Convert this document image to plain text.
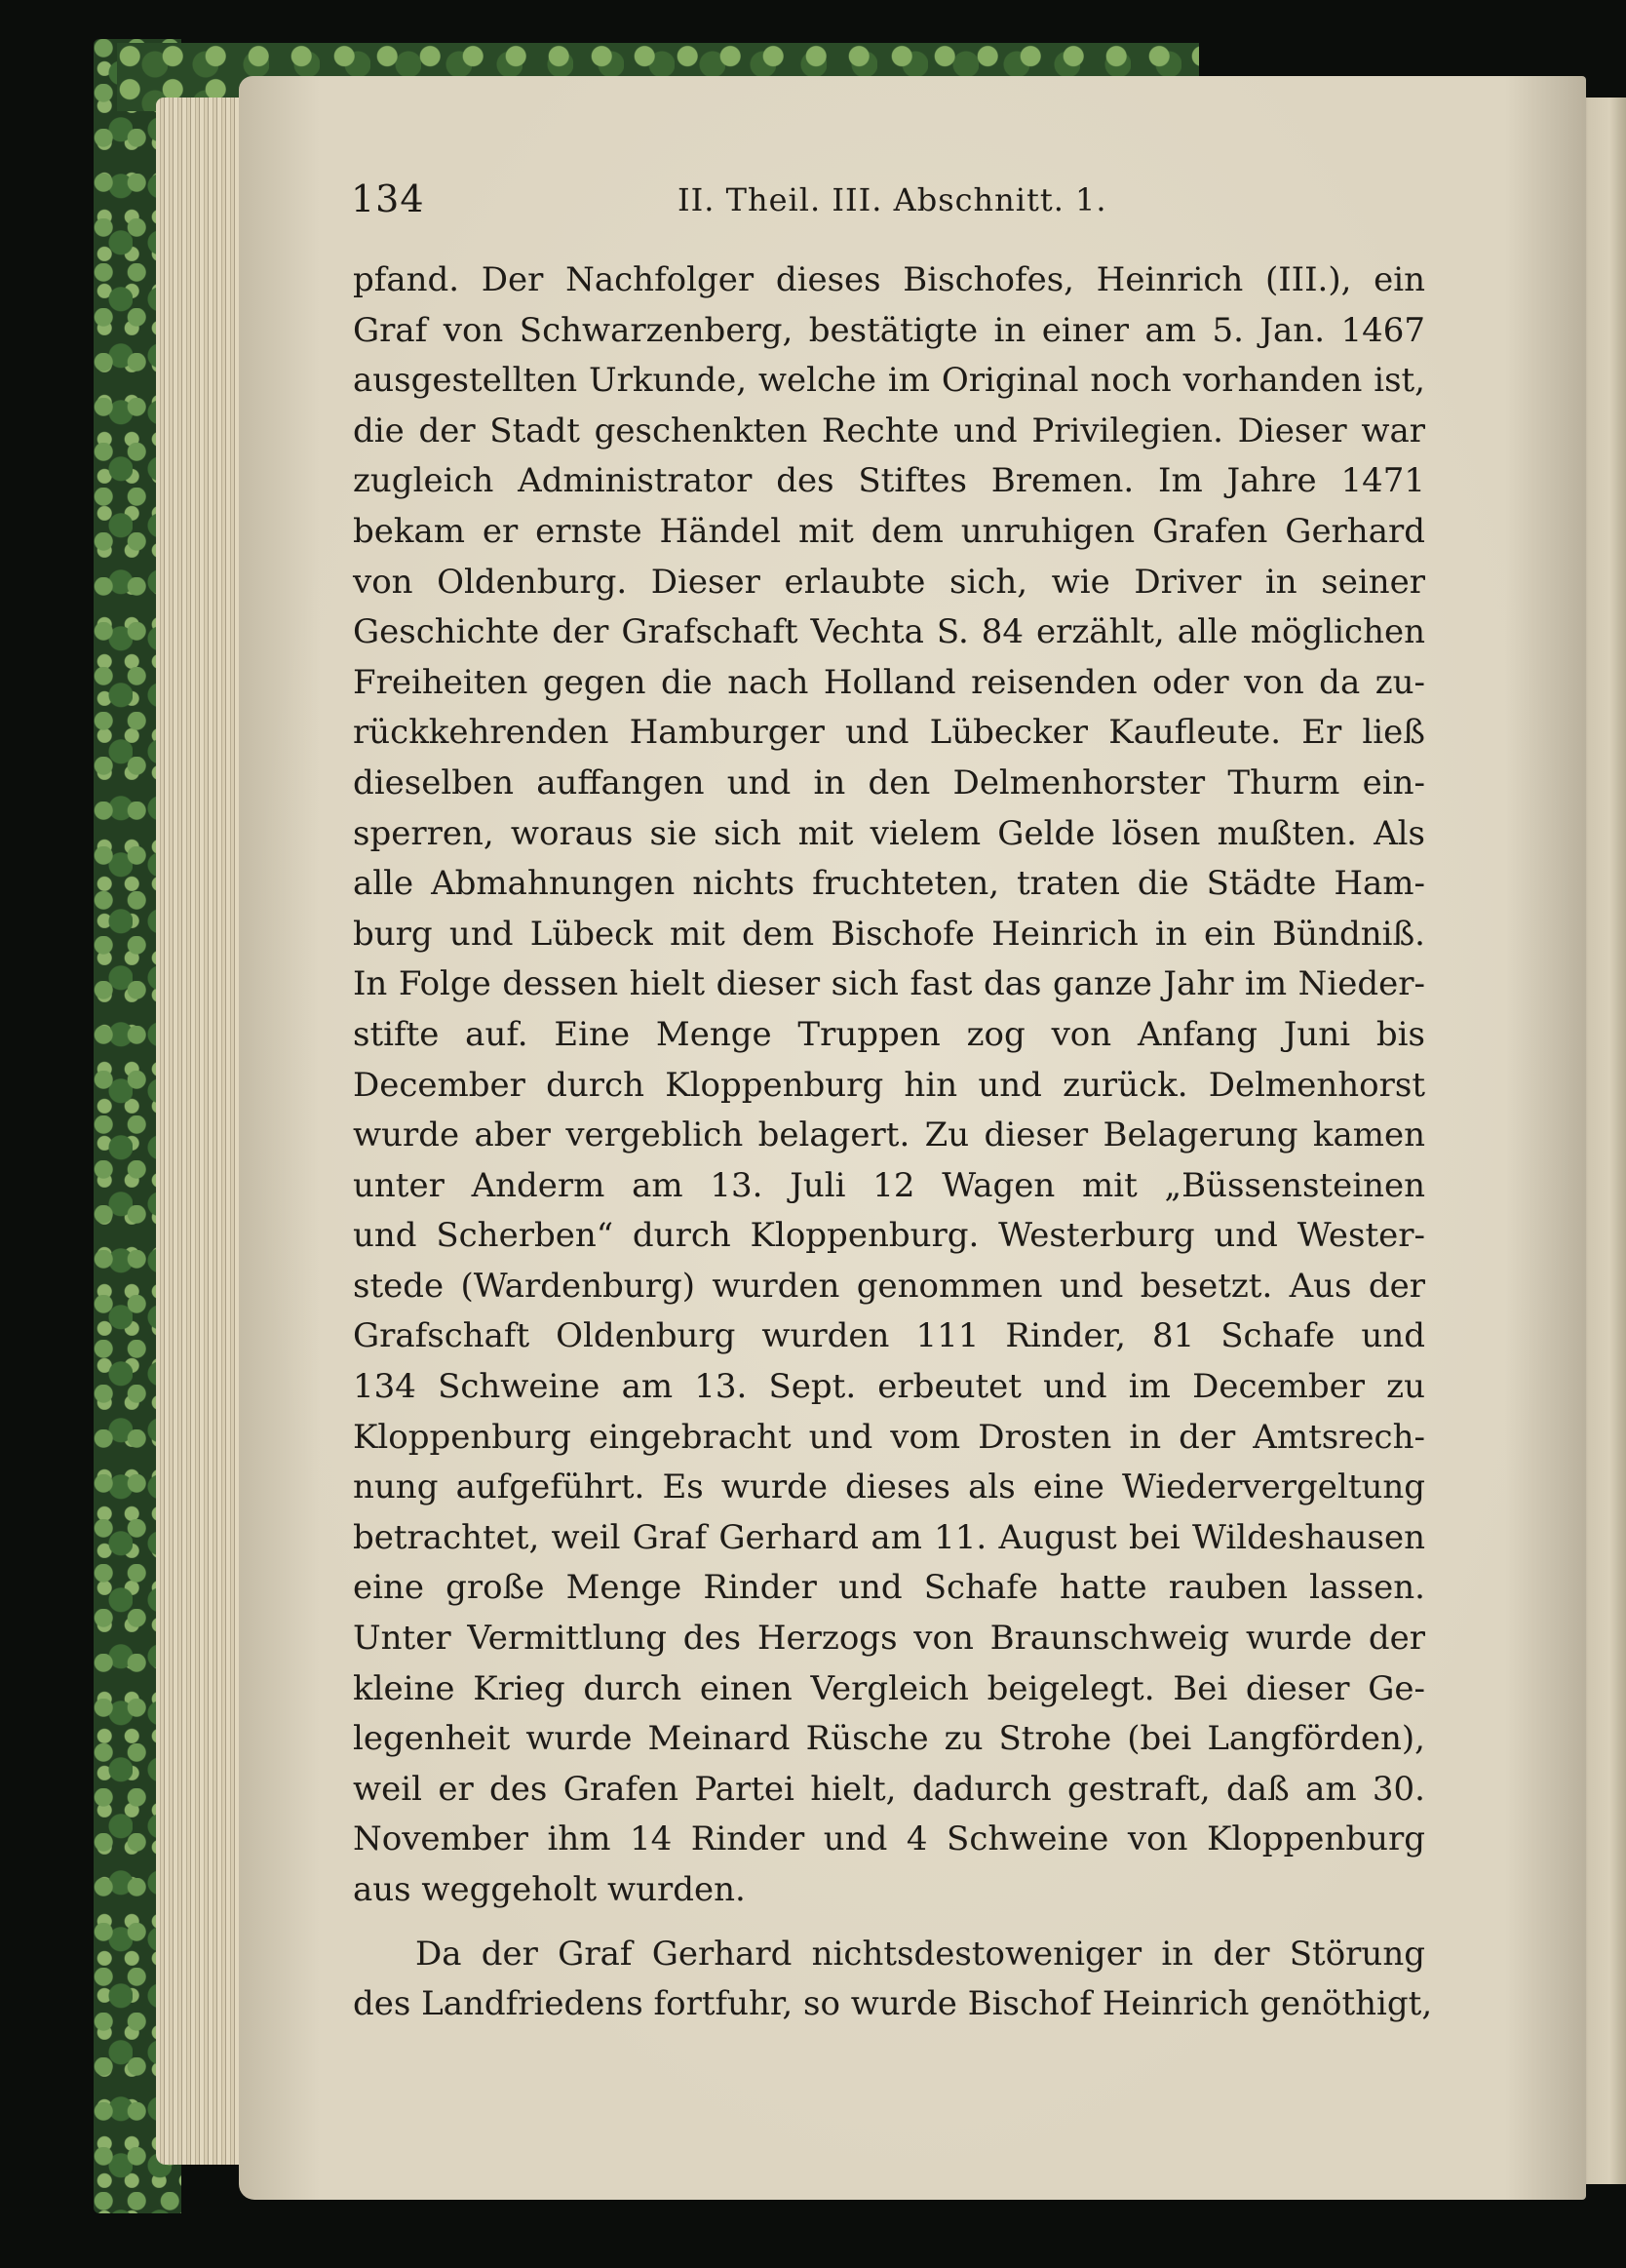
134	II. Theil. III. Abschnitt. 1.
pfand. Der Nachfolger dieses Bischofes, Heinrich (III.), ein
Graf von Schwarzenberg, bestätigte in einer am 5. Jan. 1467
ausgestellten Urkunde, welche im Original noch vorhanden ist,
die der Stadt geschenkten Rechte und Privilegien. Dieser war
zugleich Administrator des Stiftes Bremen. Im Jahre 1471
bekam er ernste Händel mit dem unruhigen Grafen Gerhard
von Oldenburg. Dieser erlaubte sich, wie Driver in seiner
Geschichte der Grafschaft Vechta S. 84 erzählt, alle möglichen
Freiheiten gegen die nach Holland reisenden oder von da zu-
rückkehrenden Hamburger und Lübecker Kaufleute. Er ließ
dieselben auffangen und in den Delmenhorster Thurm ein-
sperren, woraus sie sich mit vielem Gelde lösen mußten. Als
alle Abmahnungen nichts fruchteten, traten die Städte Ham-
burg und Lübeck mit dem Bischofe Heinrich in ein Bündniß.
In Folge dessen hielt dieser sich fast das ganze Jahr im Nieder-
stifte auf. Eine Menge Truppen zog von Anfang Juni bis
December durch Kloppenburg hin und zurück. Delmenhorst
wurde aber vergeblich belagert. Zu dieser Belagerung kamen
unter Anderm am 13. Juli 12 Wagen mit „Büssensteinen
und Scherben“ durch Kloppenburg. Westerburg und Wester-
stede (Wardenburg) wurden genommen und besetzt. Aus der
Grafschaft Oldenburg wurden 111 Rinder, 81 Schafe und
134 Schweine am 13. Sept. erbeutet und im December zu
Kloppenburg eingebracht und vom Drosten in der Amtsrech-
nung aufgeführt. Es wurde dieses als eine Wiedervergeltung
betrachtet, weil Graf Gerhard am 11. August bei Wildeshausen
eine große Menge Rinder und Schafe hatte rauben lassen.
Unter Vermittlung des Herzogs von Braunschweig wurde der
kleine Krieg durch einen Vergleich beigelegt. Bei dieser Ge-
legenheit wurde Meinard Rüsche zu Strohe (bei Langförden),
weil er des Grafen Partei hielt, dadurch gestraft, daß am 30.
November ihm 14 Rinder und 4 Schweine von Kloppenburg
aus weggeholt wurden.
Da der Graf Gerhard nichtsdestoweniger in der Störung
des Landfriedens fortfuhr, so wurde Bischof Heinrich genöthigt,
